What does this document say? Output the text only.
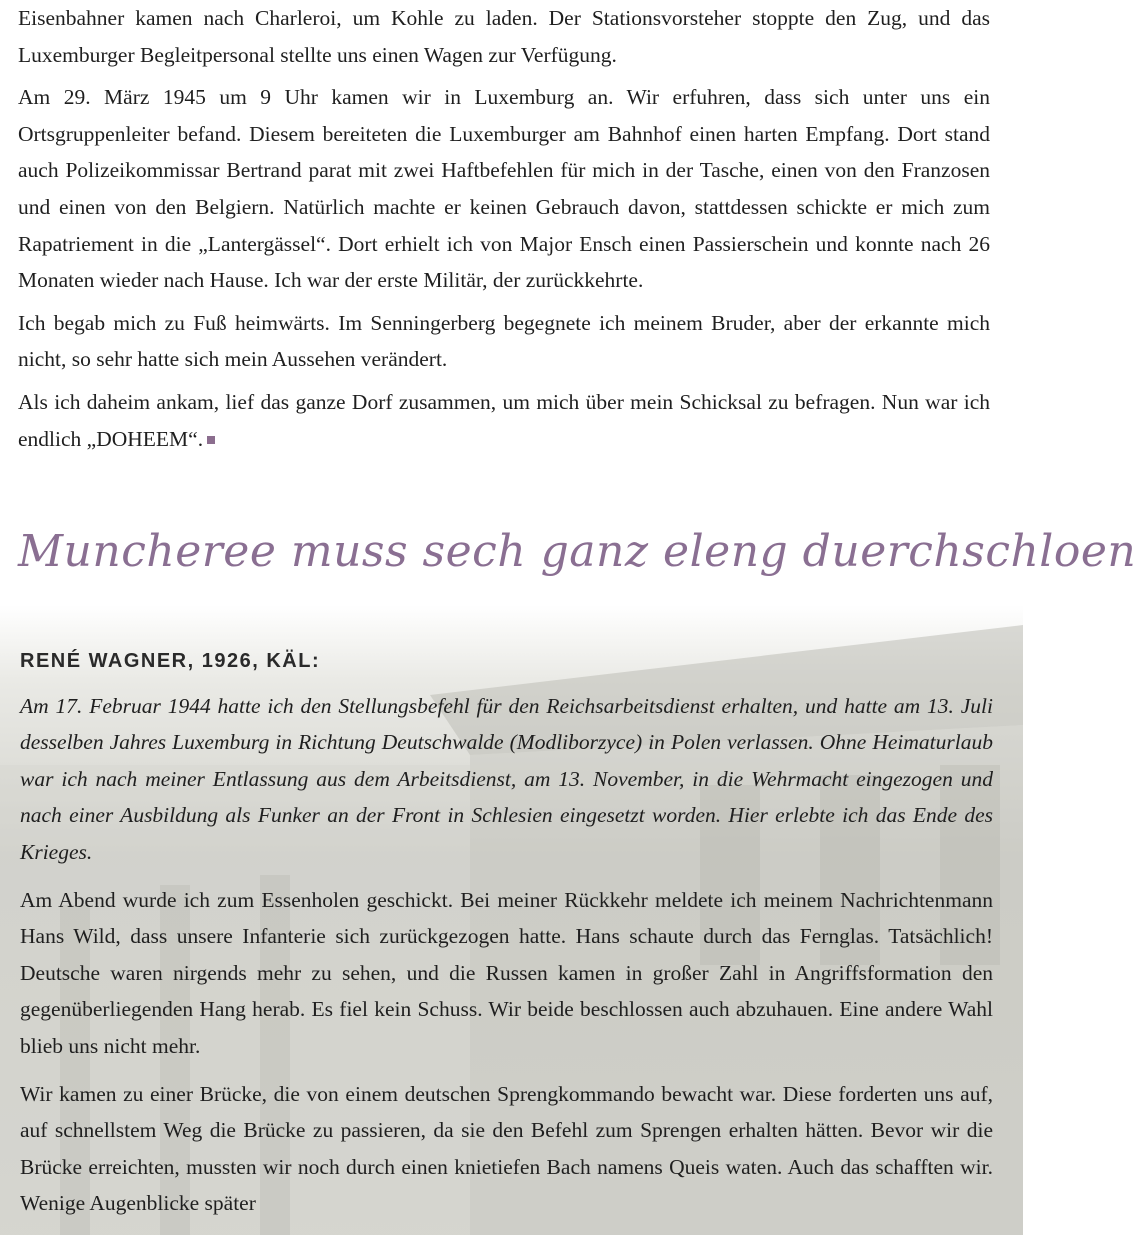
Eisenbahner kamen nach Charleroi, um Kohle zu laden. Der Stationsvorsteher stoppte den Zug, und das Luxemburger Begleitpersonal stellte uns einen Wagen zur Verfügung.

Am 29. März 1945 um 9 Uhr kamen wir in Luxemburg an. Wir erfuhren, dass sich unter uns ein Ortsgruppenleiter befand. Diesem bereiteten die Luxemburger am Bahnhof einen harten Empfang. Dort stand auch Polizeikommissar Bertrand parat mit zwei Haftbefehlen für mich in der Tasche, einen von den Franzosen und einen von den Belgiern. Natürlich machte er keinen Gebrauch davon, stattdessen schickte er mich zum Rapatriement in die „Lantergässel“. Dort erhielt ich von Major Ensch einen Passierschein und konnte nach 26 Monaten wieder nach Hause. Ich war der erste Militär, der zurückkehrte.

Ich begab mich zu Fuß heimwärts. Im Senningerberg begegnete ich meinem Bruder, aber der erkannte mich nicht, so sehr hatte sich mein Aussehen verändert.

Als ich daheim ankam, lief das ganze Dorf zusammen, um mich über mein Schicksal zu befragen. Nun war ich endlich „DOHEEM“.

Muncheree muss sech ganz eleng duerchschloen
RENÉ WAGNER, 1926, KÄL:

Am 17. Februar 1944 hatte ich den Stellungsbefehl für den Reichsarbeitsdienst erhalten, und hatte am 13. Juli desselben Jahres Luxemburg in Richtung Deutschwalde (Modliborzyce) in Polen verlassen. Ohne Heimaturlaub war ich nach meiner Entlassung aus dem Arbeitsdienst, am 13. November, in die Wehrmacht eingezogen und nach einer Ausbildung als Funker an der Front in Schlesien eingesetzt worden. Hier erlebte ich das Ende des Krieges.

Am Abend wurde ich zum Essenholen geschickt. Bei meiner Rückkehr meldete ich meinem Nachrichtenmann Hans Wild, dass unsere Infanterie sich zurückgezogen hatte. Hans schaute durch das Fernglas. Tatsächlich! Deutsche waren nirgends mehr zu sehen, und die Russen kamen in großer Zahl in Angriffsformation den gegenüberliegenden Hang herab. Es fiel kein Schuss. Wir beide beschlossen auch abzuhauen. Eine andere Wahl blieb uns nicht mehr.

Wir kamen zu einer Brücke, die von einem deutschen Sprengkommando bewacht war. Diese forderten uns auf, auf schnellstem Weg die Brücke zu passieren, da sie den Befehl zum Sprengen erhalten hätten. Bevor wir die Brücke erreichten, mussten wir noch durch einen knietiefen Bach namens Queis waten. Auch das schafften wir. Wenige Augenblicke später
